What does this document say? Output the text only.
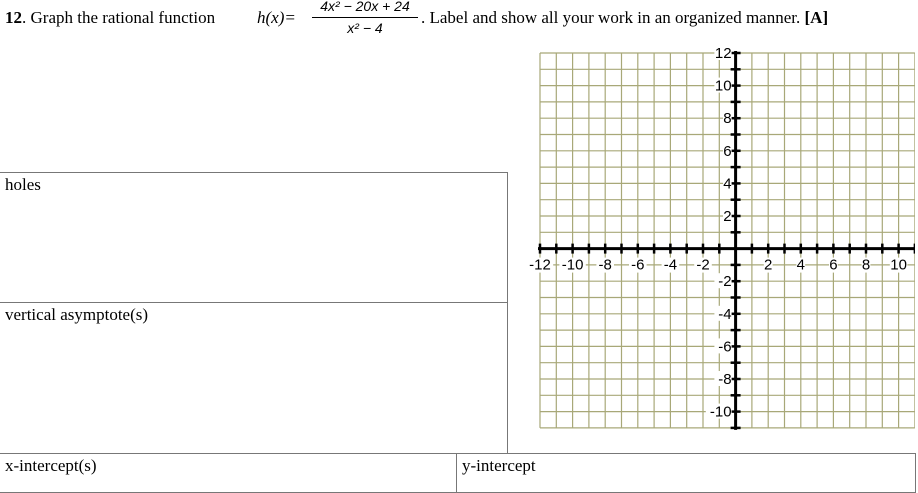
12. Graph the rational function h(x)=
4x² − 20x + 24
x² − 4
. Label and show all your work in an organized manner. [A]
holes
vertical asymptote(s)
x-intercept(s)	y-intercept
-12 -10 -8 -6 -4 -2	2 4 6 8 10
12
10
8
6
4
2
-2
-4
-6
-8
-10
